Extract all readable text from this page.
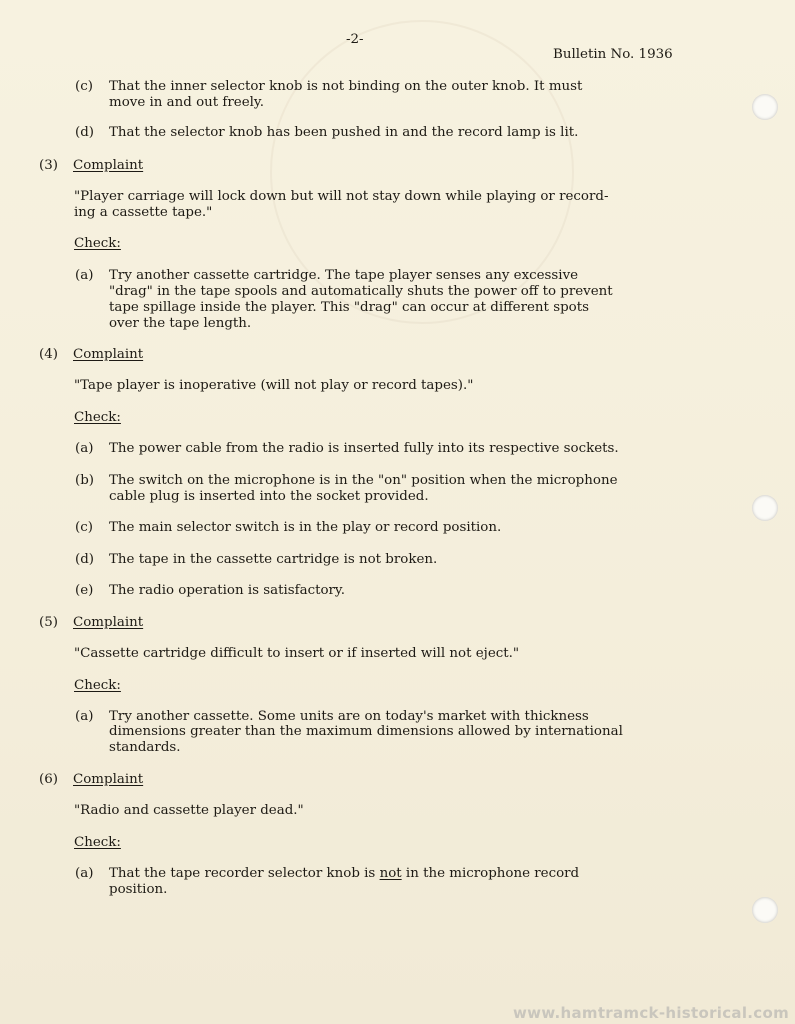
-2-
Bulletin No. 1936
(c) That the inner selector knob is not binding on the outer knob. It must
move in and out freely.
(d) That the selector knob has been pushed in and the record lamp is lit.
(3) Complaint
"Player carriage will lock down but will not stay down while playing or record-
ing a cassette tape."
Check:
(a) Try another cassette cartridge. The tape player senses any excessive
"drag" in the tape spools and automatically shuts the power off to prevent
tape spillage inside the player. This "drag" can occur at different spots
over the tape length.
(4) Complaint
"Tape player is inoperative (will not play or record tapes)."
Check:
(a) The power cable from the radio is inserted fully into its respective sockets.
(b) The switch on the microphone is in the "on" position when the microphone
cable plug is inserted into the socket provided.
(c) The main selector switch is in the play or record position.
(d) The tape in the cassette cartridge is not broken.
(e) The radio operation is satisfactory.
(5) Complaint
"Cassette cartridge difficult to insert or if inserted will not eject."
Check:
(a) Try another cassette. Some units are on today's market with thickness
dimensions greater than the maximum dimensions allowed by international
standards.
(6) Complaint
"Radio and cassette player dead."
Check:
(a) That the tape recorder selector knob is not in the microphone record
position.
www.hamtramck-historical.com
